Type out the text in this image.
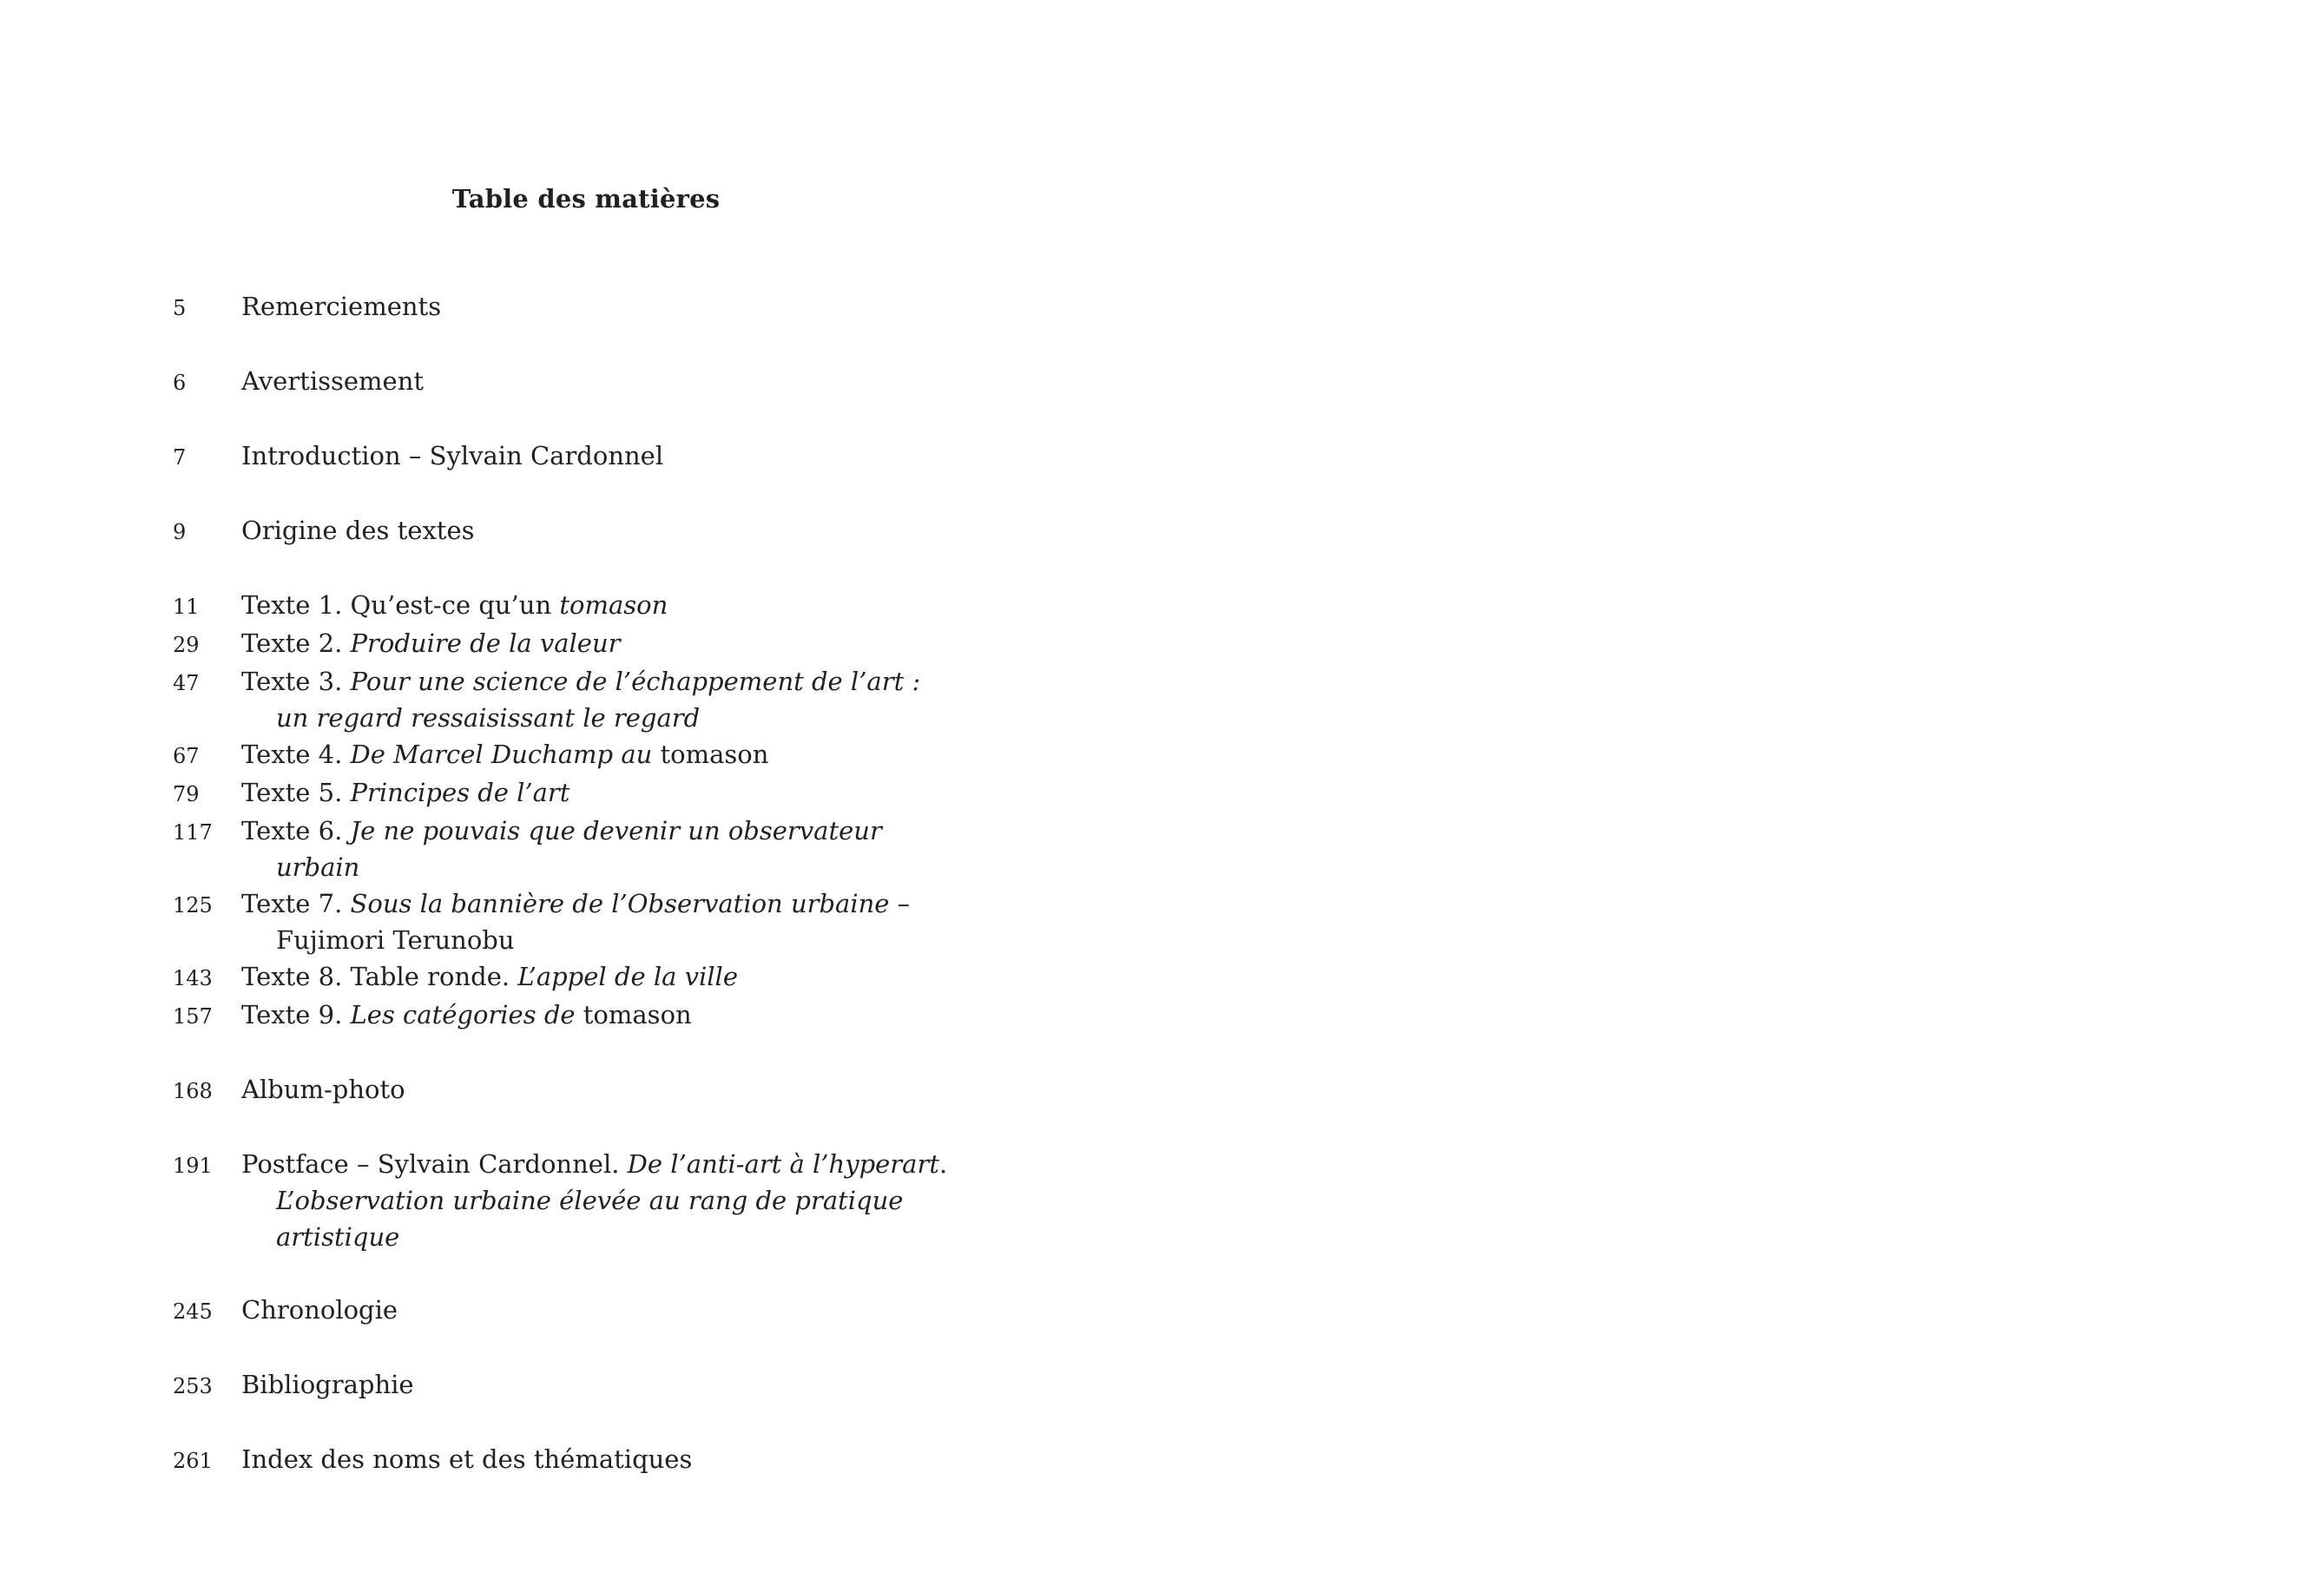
Table des matières
5	Remerciements
6	Avertissement
7	Introduction – Sylvain Cardonnel
9	Origine des textes
11	Texte 1. Qu’est-ce qu’un tomason
29	Texte 2. Produire de la valeur
47	Texte 3. Pour une science de l’échappement de l’art : un regard ressaisissant le regard
67	Texte 4. De Marcel Duchamp au tomason
79	Texte 5. Principes de l’art
117	Texte 6. Je ne pouvais que devenir un observateur urbain
125	Texte 7. Sous la bannière de l’Observation urbaine – Fujimori Terunobu
143	Texte 8. Table ronde. L’appel de la ville
157	Texte 9. Les catégories de tomason
168	Album-photo
191	Postface – Sylvain Cardonnel. De l’anti-art à l’hyperart. L’observation urbaine élevée au rang de pratique artistique
245	Chronologie
253	Bibliographie
261	Index des noms et des thématiques
